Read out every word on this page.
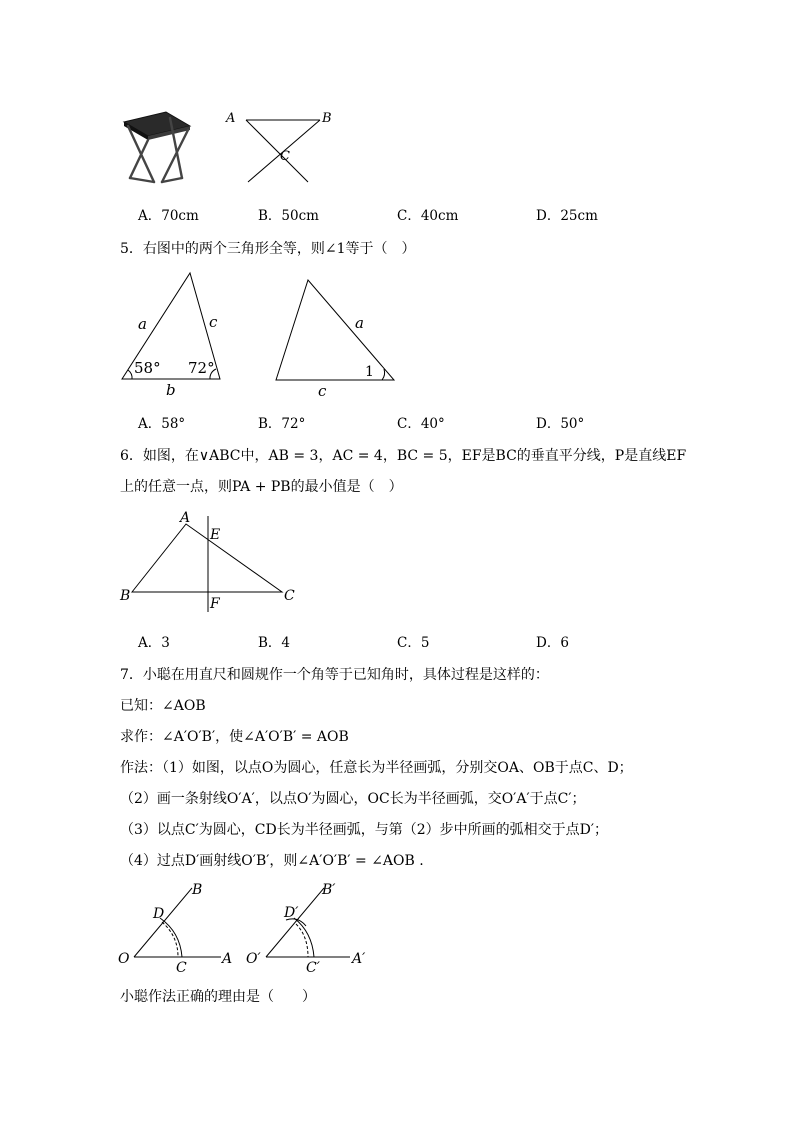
A	B
C
A．70cm	B．50cm	C．40cm	D．25cm
5．右图中的两个三角形全等，则∠1等于（　）
a	c
b
58° 72°
a
c
1
A．58°	B．72°	C．40°	D．50°
6．如图，在∨ABC中，AB = 3，AC = 4，BC = 5，EF是BC的垂直平分线，P是直线EF
上的任意一点，则PA + PB的最小值是（　）
A
B	C
E
F
A．3	B．4	C．5	D．6
7．小聪在用直尺和圆规作一个角等于已知角时，具体过程是这样的：
已知：∠AOB
求作：∠A′O′B′，使∠A′O′B′ = AOB
作法：（1）如图，以点O为圆心，任意长为半径画弧，分别交OA、OB于点C、D；
（2）画一条射线O′A′，以点O′为圆心，OC长为半径画弧，交O′A′于点C′；
（3）以点C′为圆心，CD长为半径画弧，与第（2）步中所画的弧相交于点D′；
（4）过点D′画射线O′B′，则∠A′O′B′ = ∠AOB .
O	A
B
C
D
O′	A′
B′
C′
D′
小聪作法正确的理由是（　　）
